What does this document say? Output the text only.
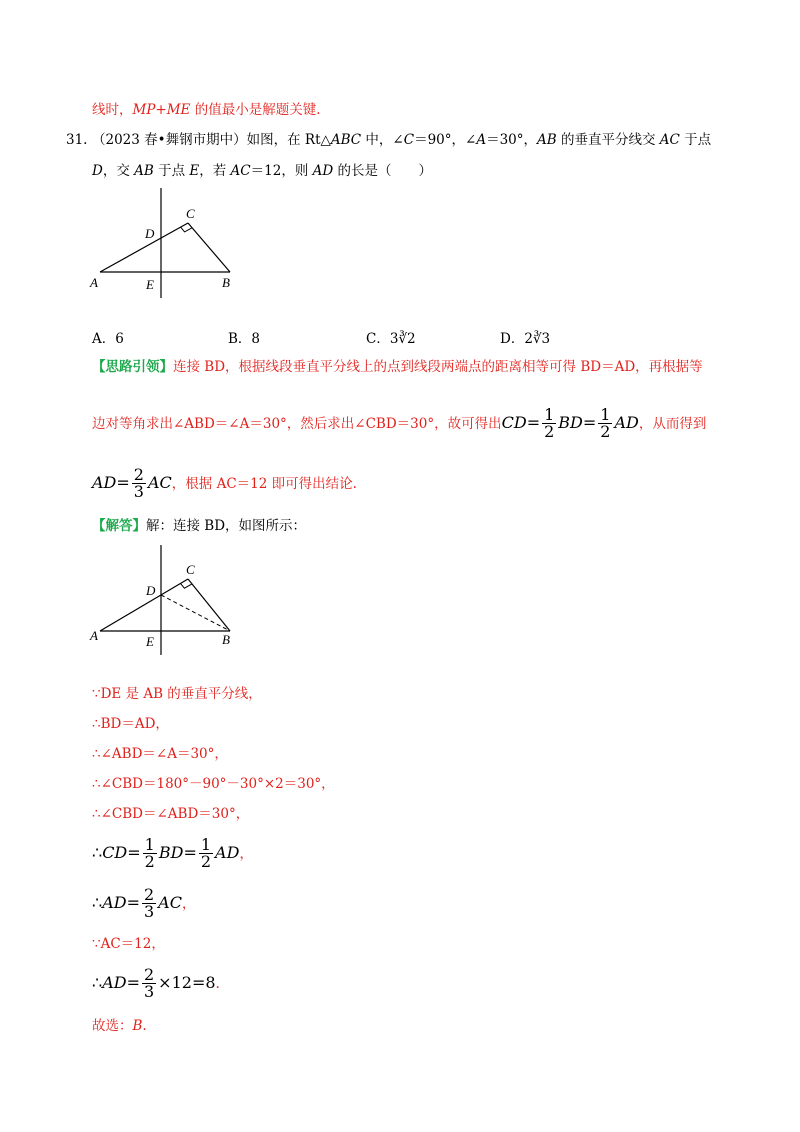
线时，MP+ME 的值最小是解题关键.
31. （2023 春•舞钢市期中）如图，在 Rt△ABC 中，∠C＝90°，∠A＝30°，AB 的垂直平分线交 AC 于点
D，交 AB 于点 E，若 AC＝12，则 AD 的长是（　　）
A	B
C
D
E
A．6	B．8	C．3∛2	D．2∛3
【思路引领】连接 BD，根据线段垂直平分线上的点到线段两端点的距离相等可得 BD＝AD，再根据等
边对等角求出∠ABD＝∠A＝30°，然后求出∠CBD＝30°，故可得出$CD= \frac{1}{2} BD= \frac{1}{2}$ AD，从而得到
$AD= \frac{2}{3}$ AC，根据 AC＝12 即可得出结论.
【解答】解：连接 BD，如图所示：
A	B
C
D
E
∵DE 是 AB 的垂直平分线，
∴BD＝AD，
∴∠ABD＝∠A＝30°，
∴∠CBD＝180°－90°－30°×2＝30°，
∴∠CBD＝∠ABD＝30°，
∴CD= $\frac{1}{2} BD= \frac{1}{2}$ AD，
∴AD= $\frac{2}{3}$ AC，
∵AC＝12，
∴AD= $\frac{2}{3} \times 12=8$.
故选：B.
